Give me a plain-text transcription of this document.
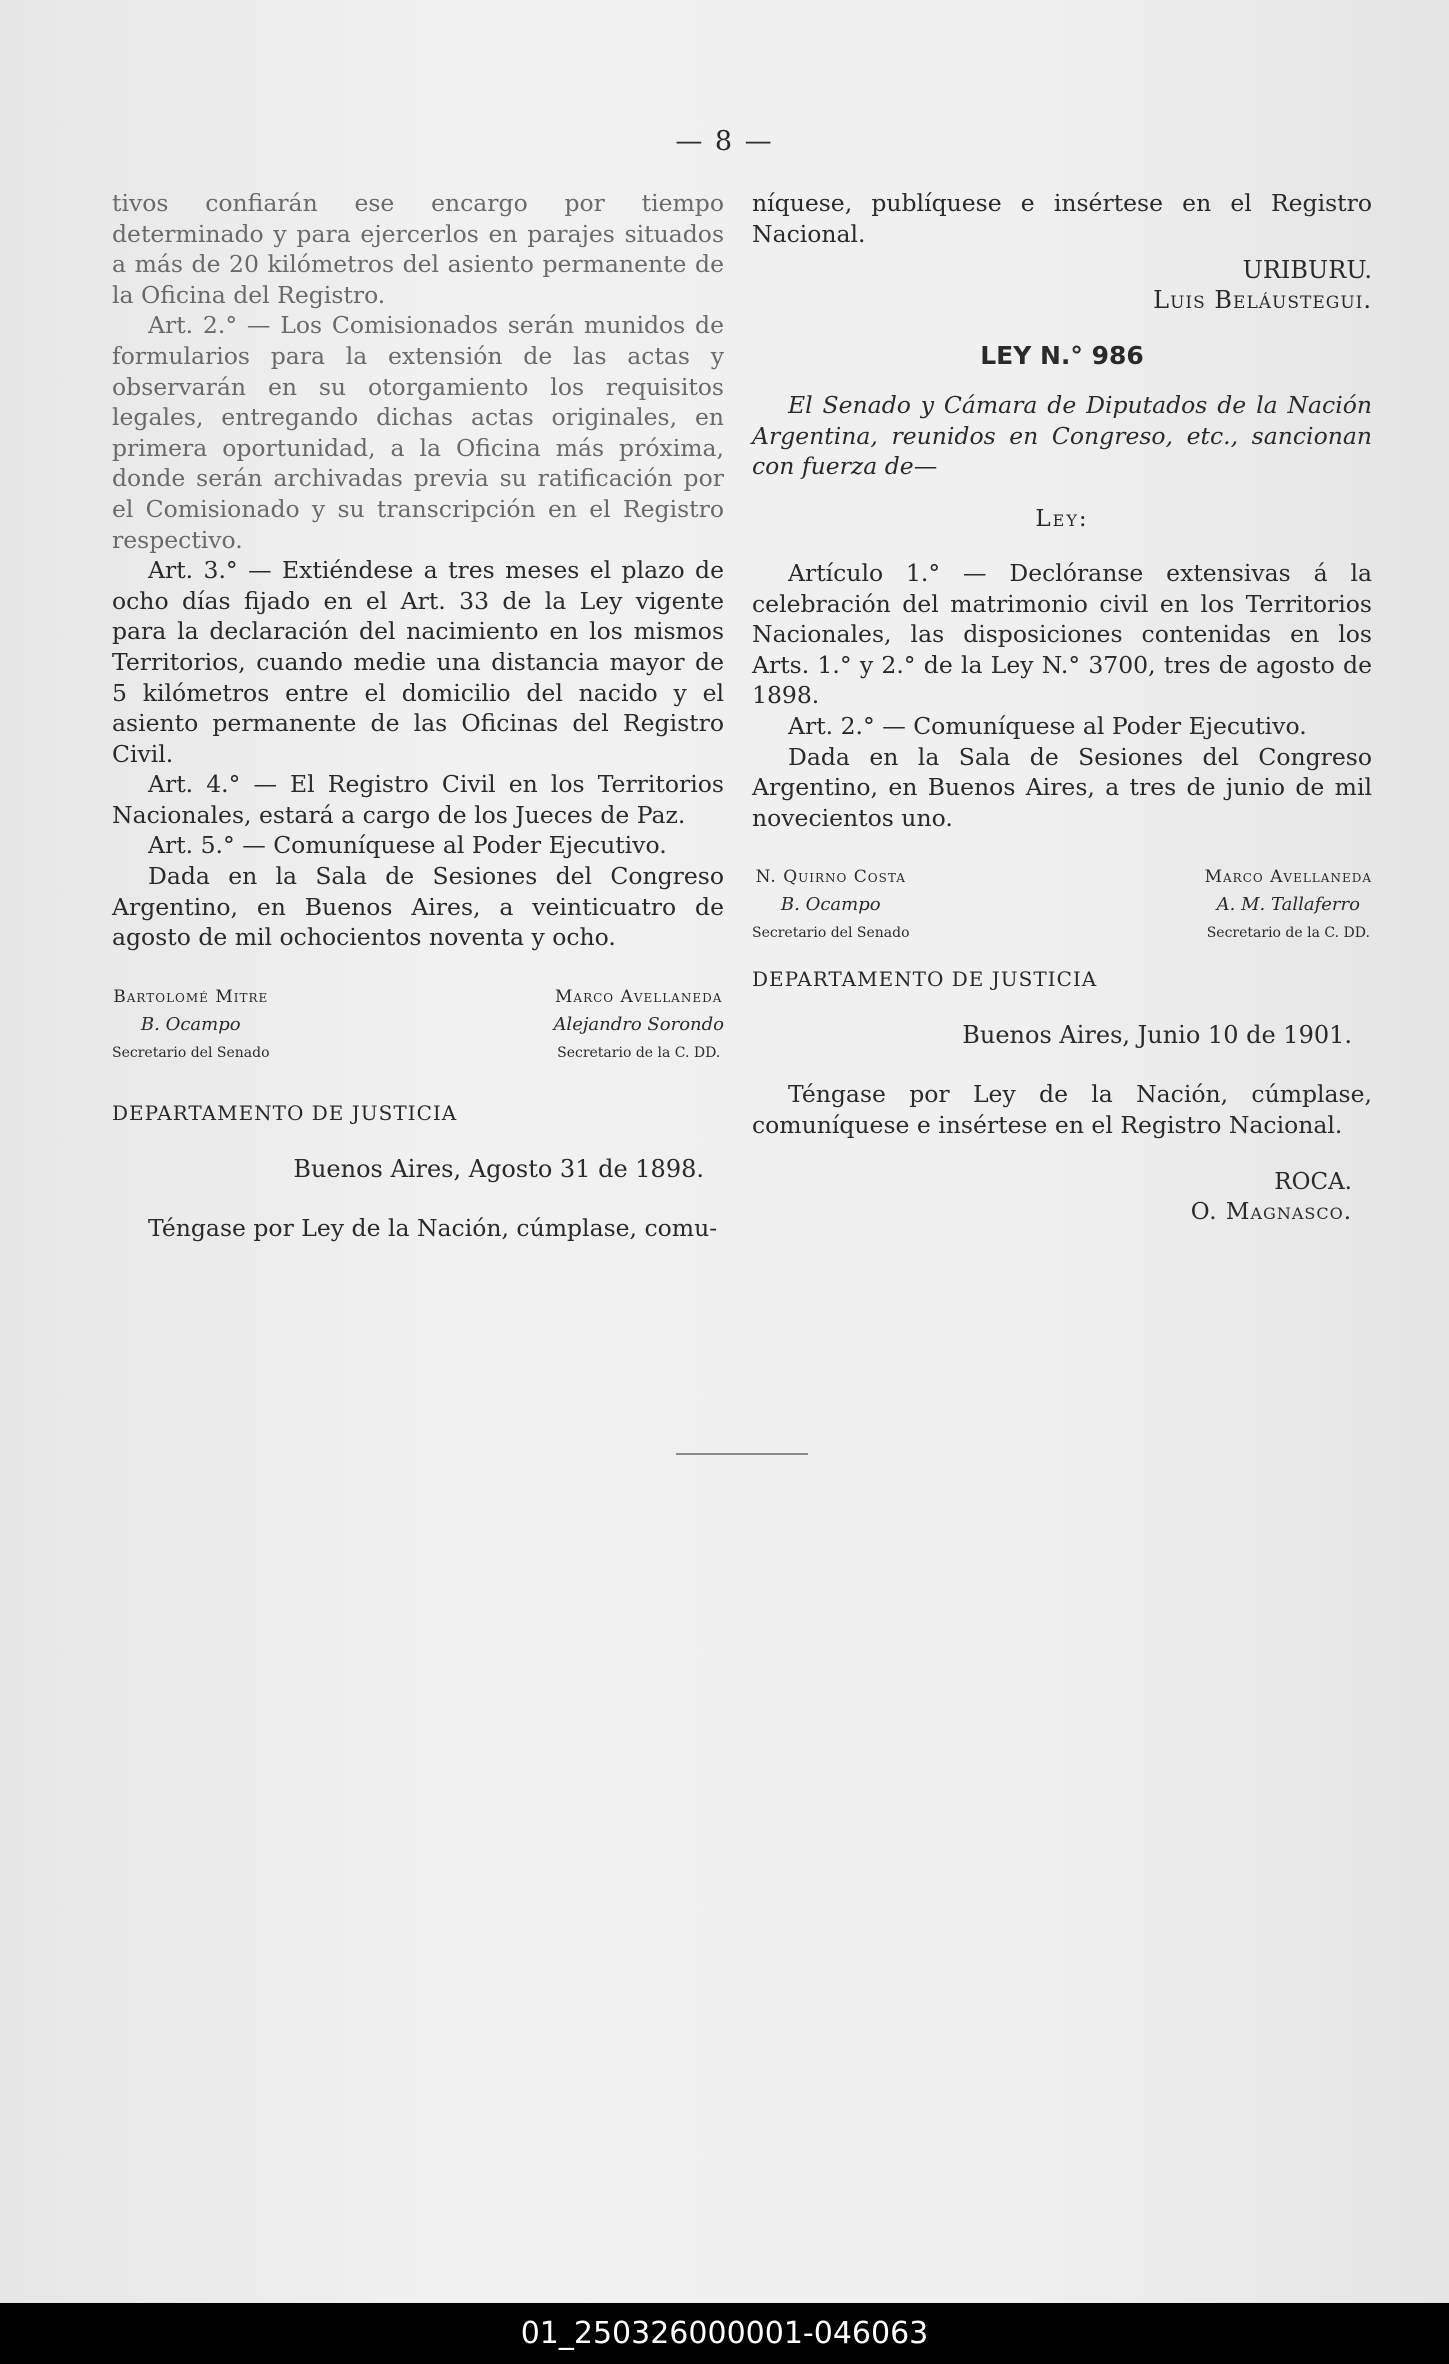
— 8 —

tivos confiarán ese encargo por tiempo determinado y para ejercerlos en parajes situados a más de 20 kilómetros del asiento permanente de la Oficina del Registro.

Art. 2.° — Los Comisionados serán munidos de formularios para la extensión de las actas y observarán en su otorgamiento los requisitos legales, entregando dichas actas originales, en primera oportunidad, a la Oficina más próxima, donde serán archivadas previa su ratificación por el Comisionado y su transcripción en el Registro respectivo.

Art. 3.° — Extiéndese a tres meses el plazo de ocho días fijado en el Art. 33 de la Ley vigente para la declaración del nacimiento en los mismos Territorios, cuando medie una distancia mayor de 5 kilómetros entre el domicilio del nacido y el asiento permanente de las Oficinas del Registro Civil.

Art. 4.° — El Registro Civil en los Territorios Nacionales, estará a cargo de los Jueces de Paz.

Art. 5.° — Comuníquese al Poder Ejecutivo.

Dada en la Sala de Sesiones del Congreso Argentino, en Buenos Aires, a veinticuatro de agosto de mil ochocientos noventa y ocho.

Bartolomé Mitre
B. Ocampo
Secretario del Senado
Marco Avellaneda
Alejandro Sorondo
Secretario de la C. DD.
DEPARTAMENTO DE JUSTICIA
Buenos Aires, Agosto 31 de 1898.

Téngase por Ley de la Nación, cúmplase, comu-

níquese, publíquese e insértese en el Registro Nacional.

URIBURU.
Luis Beláustegui.
LEY N.° 986

El Senado y Cámara de Diputados de la Nación Argentina, reunidos en Congreso, etc., sancionan con fuerza de—

Ley:

Artículo 1.° — Declóranse extensivas á la celebración del matrimonio civil en los Territorios Nacionales, las disposiciones contenidas en los Arts. 1.° y 2.° de la Ley N.° 3700, tres de agosto de 1898.

Art. 2.° — Comuníquese al Poder Ejecutivo.

Dada en la Sala de Sesiones del Congreso Argentino, en Buenos Aires, a tres de junio de mil novecientos uno.

N. Quirno Costa
B. Ocampo
Secretario del Senado
Marco Avellaneda
A. M. Tallaferro
Secretario de la C. DD.
DEPARTAMENTO DE JUSTICIA
Buenos Aires, Junio 10 de 1901.

Téngase por Ley de la Nación, cúmplase, comuníquese e insértese en el Registro Nacional.

ROCA.
O. Magnasco.
01_250326000001-046063
